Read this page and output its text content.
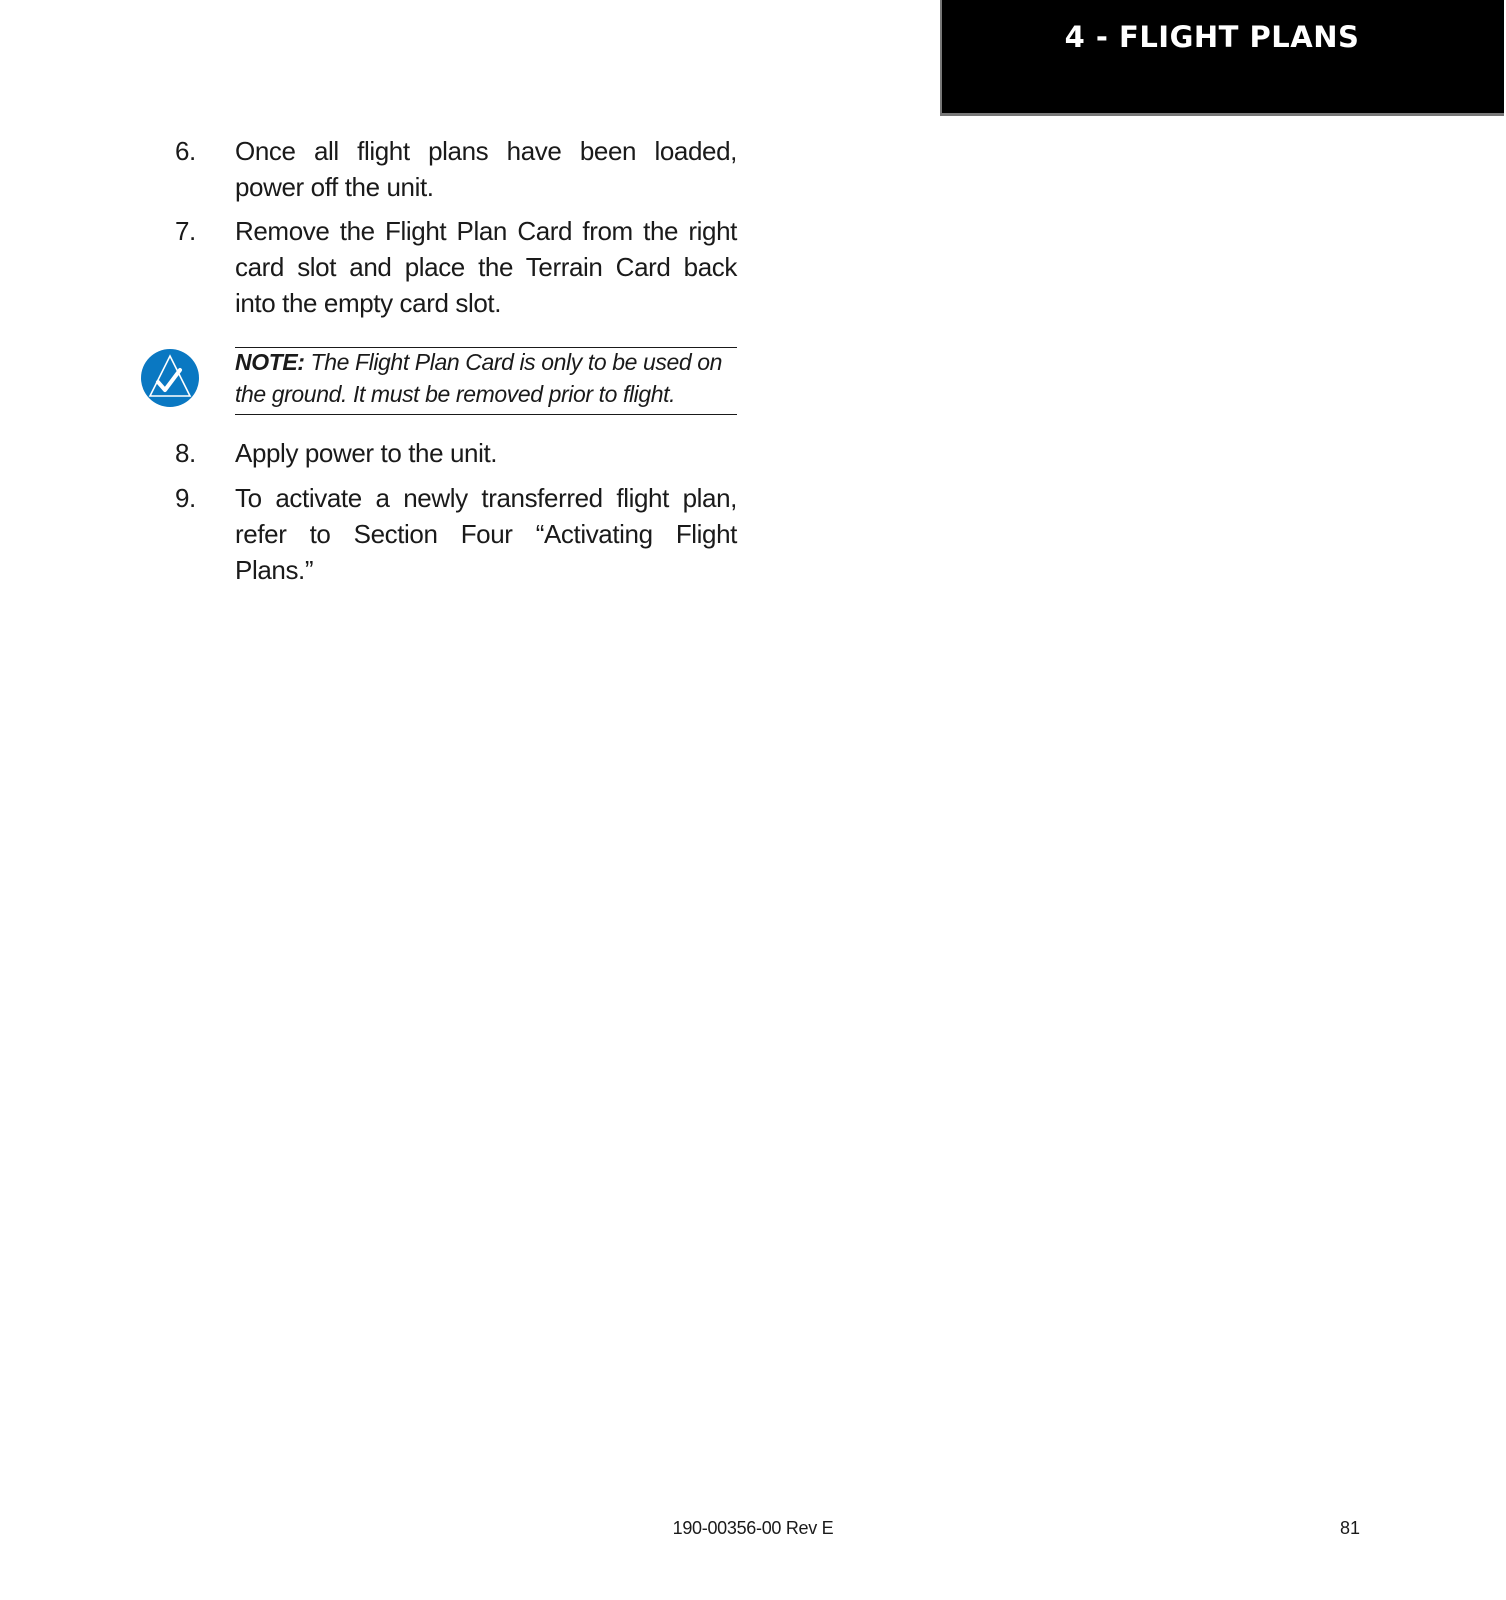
4 - FLIGHT PLANS
6. Once all flight plans have been loaded, power off the unit.
7. Remove the Flight Plan Card from the right card slot and place the Terrain Card back into the empty card slot.
NOTE: The Flight Plan Card is only to be used on the ground. It must be removed prior to flight.
8. Apply power to the unit.
9. To activate a newly transferred flight plan, refer to Section Four “Activating Flight Plans.”
190-00356-00 Rev E	81
